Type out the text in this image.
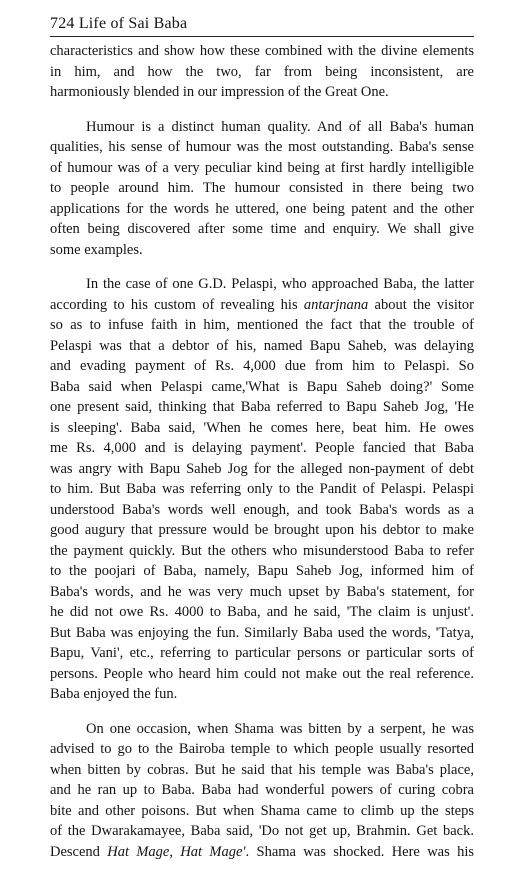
724 Life of Sai Baba
characteristics and show how these combined with the divine elements
in him, and how the two, far from being inconsistent, are
harmoniously blended in our impression of the Great One.
Humour is a distinct human quality. And of all Baba's human
qualities, his sense of humour was the most outstanding. Baba's sense
of humour was of a very peculiar kind being at first hardly intelligible
to people around him. The humour consisted in there being two
applications for the words he uttered, one being patent and the other
often being discovered after some time and enquiry. We shall give
some examples.
In the case of one G.D. Pelaspi, who approached Baba, the latter
according to his custom of revealing his antarjnana about the visitor
so as to infuse faith in him, mentioned the fact that the trouble of
Pelaspi was that a debtor of his, named Bapu Saheb, was delaying
and evading payment of Rs. 4,000 due from him to Pelaspi. So
Baba said when Pelaspi came,'What is Bapu Saheb doing?' Some
one present said, thinking that Baba referred to Bapu Saheb Jog, 'He
is sleeping'. Baba said, 'When he comes here, beat him. He owes
me Rs. 4,000 and is delaying payment'. People fancied that Baba
was angry with Bapu Saheb Jog for the alleged non-payment of debt
to him. But Baba was referring only to the Pandit of Pelaspi. Pelaspi
understood Baba's words well enough, and took Baba's words as a
good augury that pressure would be brought upon his debtor to make
the payment quickly. But the others who misunderstood Baba to refer
to the poojari of Baba, namely, Bapu Saheb Jog, informed him of
Baba's words, and he was very much upset by Baba's statement, for
he did not owe Rs. 4000 to Baba, and he said, 'The claim is unjust'.
But Baba was enjoying the fun. Similarly Baba used the words, 'Tatya,
Bapu, Vani', etc., referring to particular persons or particular sorts of
persons. People who heard him could not make out the real reference.
Baba enjoyed the fun.
On one occasion, when Shama was bitten by a serpent, he was
advised to go to the Bairoba temple to which people usually resorted
when bitten by cobras. But he said that his temple was Baba's place,
and he ran up to Baba. Baba had wonderful powers of curing cobra
bite and other poisons. But when Shama came to climb up the steps
of the Dwarakamayee, Baba said, 'Do not get up, Brahmin. Get back.
Descend Hat Mage, Hat Mage'. Shama was shocked. Here was his
